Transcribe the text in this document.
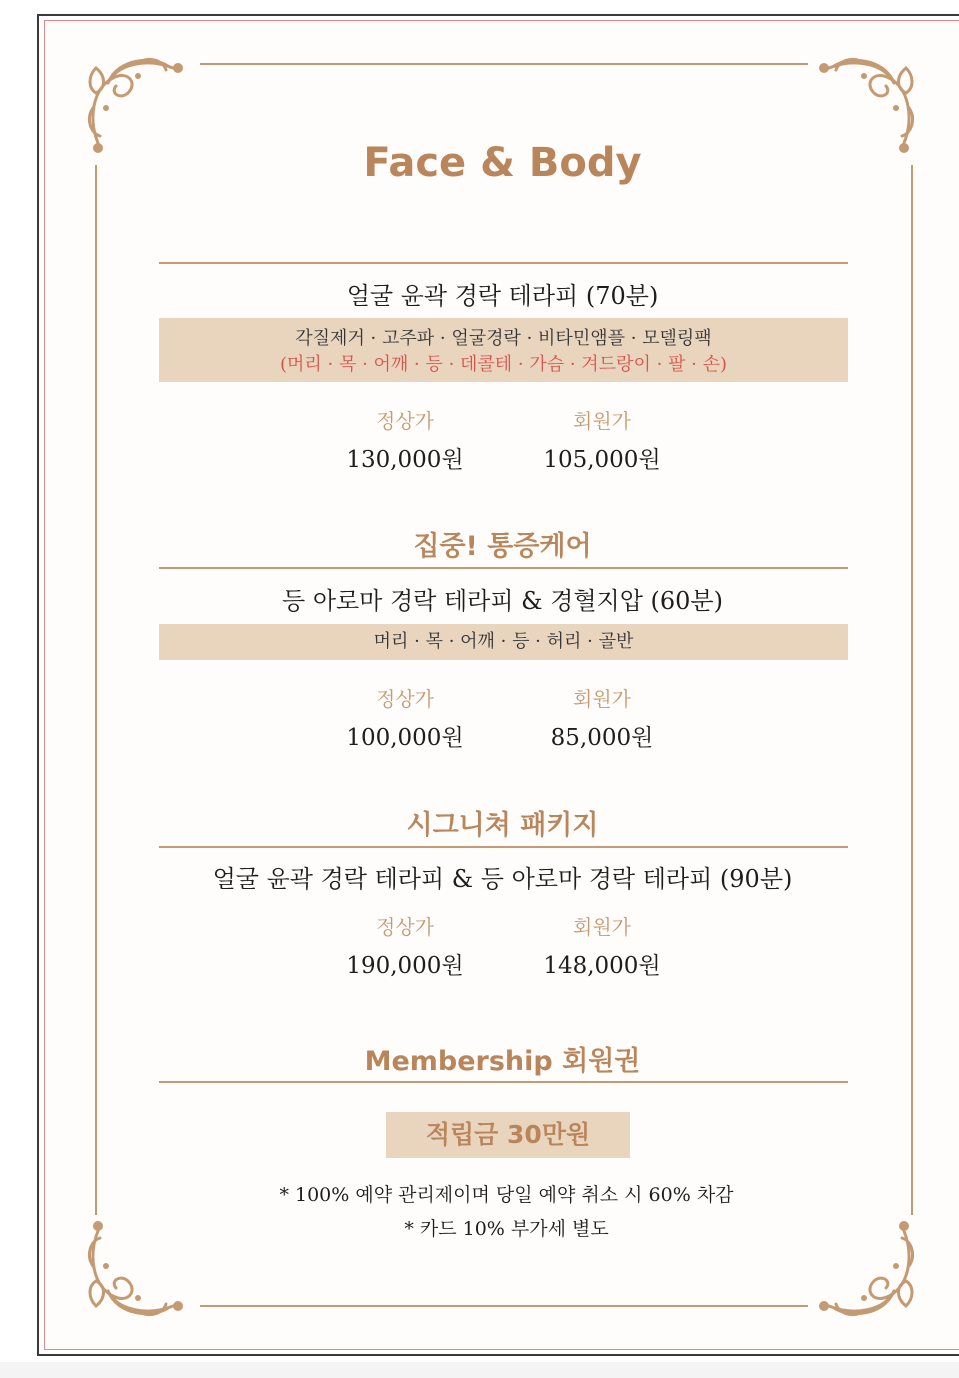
Face & Body
얼굴 윤곽 경락 테라피 (70분)
각질제거 · 고주파 · 얼굴경락 · 비타민앰플 · 모델링팩
(머리 · 목 · 어깨 · 등 · 데콜테 · 가슴 · 겨드랑이 · 팔 · 손)
정상가	회원가
130,000원	105,000원
집중! 통증케어
등 아로마 경락 테라피 & 경혈지압 (60분)
머리 · 목 · 어깨 · 등 · 허리 · 골반
정상가	회원가
100,000원	85,000원
시그니쳐 패키지
얼굴 윤곽 경락 테라피 & 등 아로마 경락 테라피 (90분)
정상가	회원가
190,000원	148,000원
Membership 회원권
적립금 30만원
* 100% 예약 관리제이며 당일 예약 취소 시 60% 차감
* 카드 10% 부가세 별도
